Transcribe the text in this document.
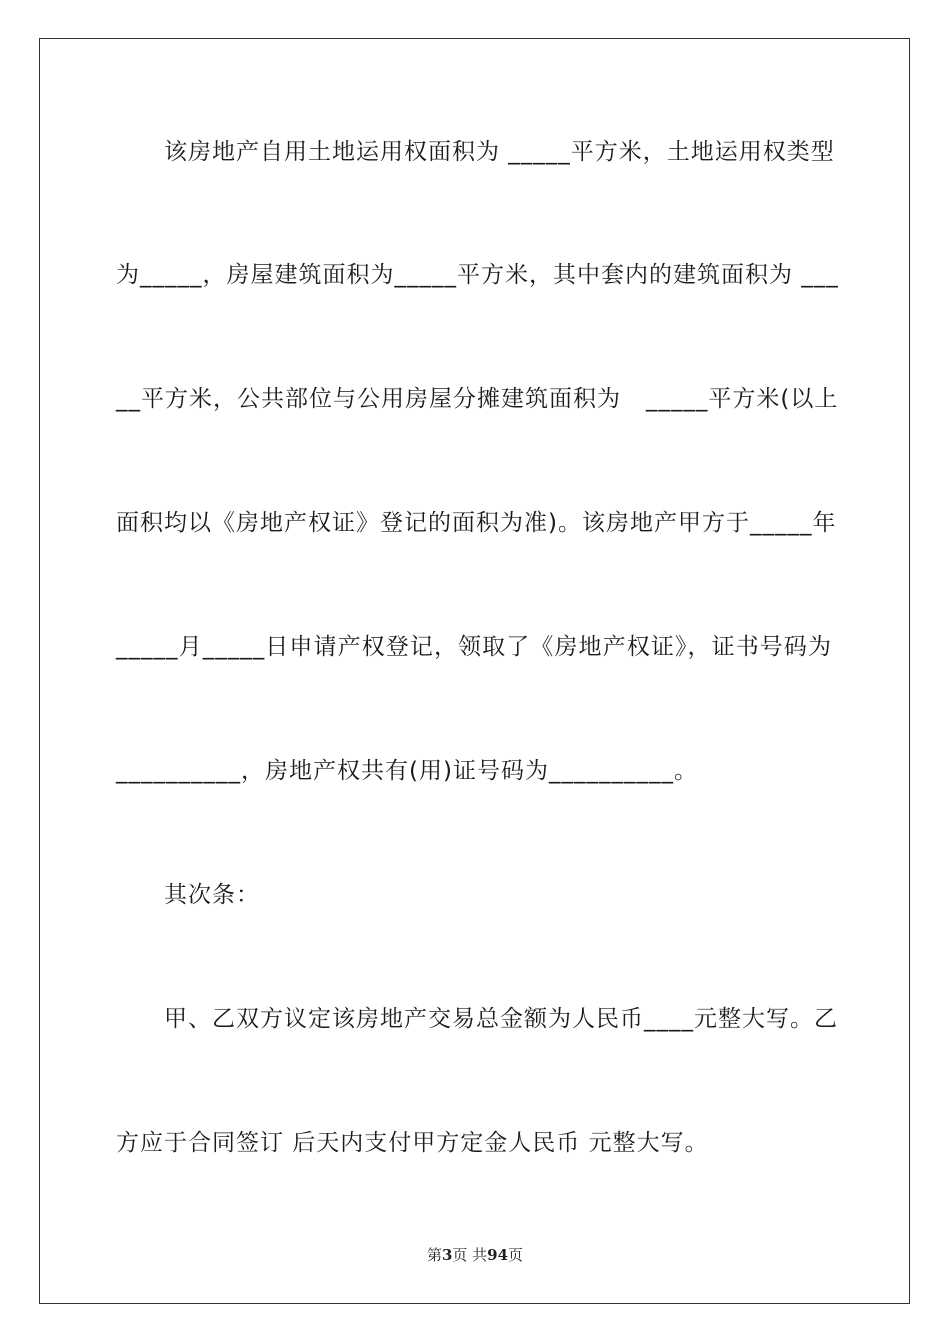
该房地产自用土地运用权面积为 _____平方米，土地运用权类型
为_____，房屋建筑面积为_____平方米，其中套内的建筑面积为 ___
__平方米，公共部位与公用房屋分摊建筑面积为   _____平方米(以上
面积均以《房地产权证》登记的面积为准)。该房地产甲方于_____年
_____月_____日申请产权登记，领取了《房地产权证》，证书号码为
__________，房地产权共有(用)证号码为__________。
其次条：
甲、乙双方议定该房地产交易总金额为人民币____元整大写。乙
方应于合同签订 后天内支付甲方定金人民币 元整大写。
第3页 共94页
